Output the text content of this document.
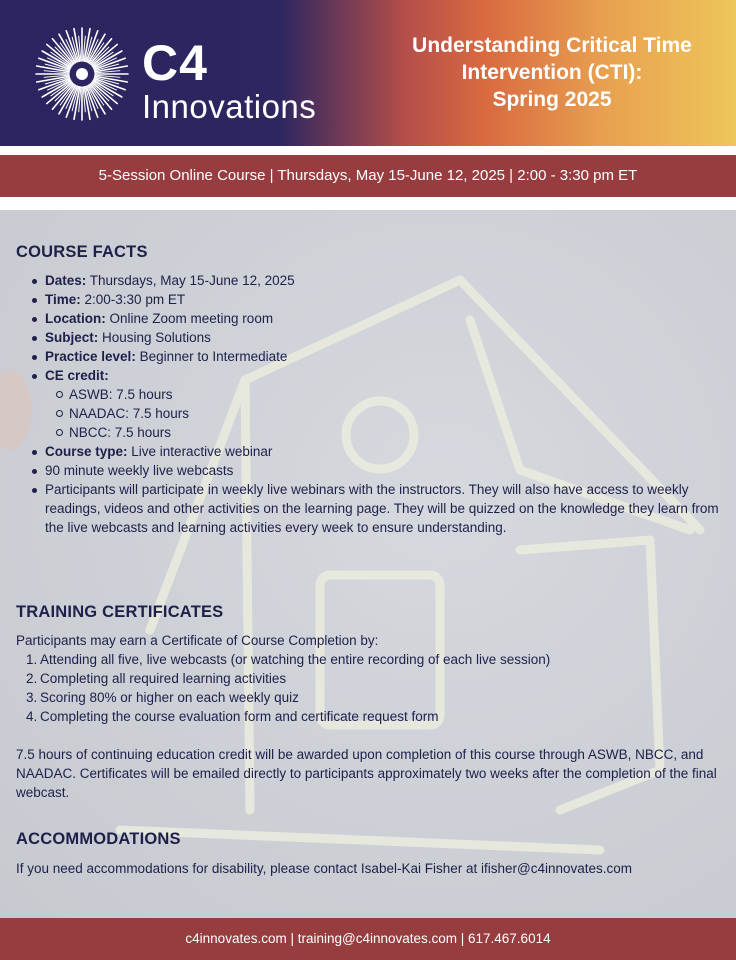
C4
Innovations
Understanding Critical Time
Intervention (CTI):
Spring 2025
5-Session Online Course | Thursdays, May 15-June 12, 2025 | 2:00 - 3:30 pm ET
COURSE FACTS
Dates: Thursdays, May 15-June 12, 2025
Time: 2:00-3:30 pm ET
Location: Online Zoom meeting room
Subject: Housing Solutions
Practice level: Beginner to Intermediate
CE credit:
ASWB: 7.5 hours
NAADAC: 7.5 hours
NBCC: 7.5 hours
Course type: Live interactive webinar
90 minute weekly live webcasts
Participants will participate in weekly live webinars with the instructors. They will also have access to weekly readings, videos and other activities on the learning page. They will be quizzed on the knowledge they learn from the live webcasts and learning activities every week to ensure understanding.
TRAINING CERTIFICATES

Participants may earn a Certificate of Course Completion by:

1. Attending all five, live webcasts (or watching the entire recording of each live session)
2. Completing all required learning activities
3. Scoring 80% or higher on each weekly quiz
4. Completing the course evaluation form and certificate request form

7.5 hours of continuing education credit will be awarded upon completion of this course through ASWB, NBCC, and NAADAC. Certificates will be emailed directly to participants approximately two weeks after the completion of the final webcast.

ACCOMMODATIONS

If you need accommodations for disability, please contact Isabel-Kai Fisher at ifisher@c4innovates.com

c4innovates.com | training@c4innovates.com | 617.467.6014
